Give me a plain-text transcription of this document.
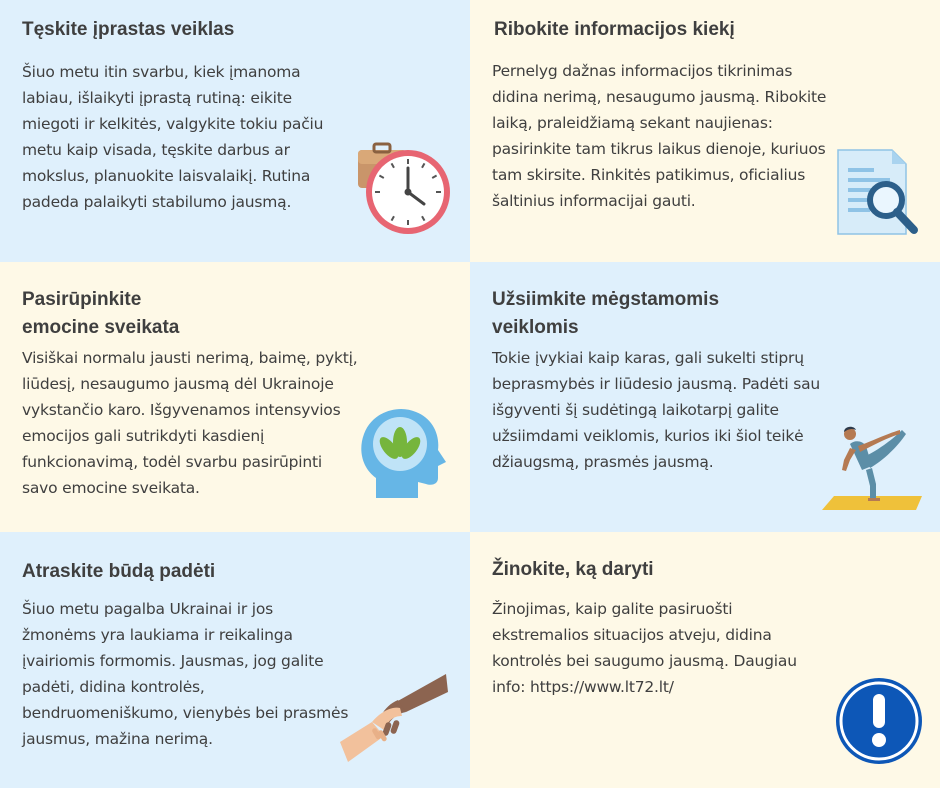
Tęskite įprastas veiklas

Šiuo metu itin svarbu, kiek įmanoma labiau, išlaikyti įprastą rutiną: eikite miegoti ir kelkitės, valgykite tokiu pačiu metu kaip visada, tęskite darbus ar mokslus, planuokite laisvalaikį. Rutina padeda palaikyti stabilumo jausmą.

Ribokite informacijos kiekį

Pernelyg dažnas informacijos tikrinimas didina nerimą, nesaugumo jausmą. Ribokite laiką, praleidžiamą sekant naujienas: pasirinkite tam tikrus laikus dienoje, kuriuos tam skirsite. Rinkitės patikimus, oficialius šaltinius informacijai gauti.

Pasirūpinkite
emocine sveikata

Visiškai normalu jausti nerimą, baimę, pyktį, liūdesį, nesaugumo jausmą dėl Ukrainoje vykstančio karo. Išgyvenamos intensyvios emocijos gali sutrikdyti kasdienį funkcionavimą, todėl svarbu pasirūpinti savo emocine sveikata.

Užsiimkite mėgstamomis
veiklomis

Tokie įvykiai kaip karas, gali sukelti stiprų beprasmybės ir liūdesio jausmą. Padėti sau išgyventi šį sudėtingą laikotarpį galite užsiimdami veiklomis, kurios iki šiol teikė džiaugsmą, prasmės jausmą.

Atraskite būdą padėti

Šiuo metu pagalba Ukrainai ir jos žmonėms yra laukiama ir reikalinga įvairiomis formomis. Jausmas, jog galite padėti, didina kontrolės, bendruomeniškumo, vienybės bei prasmės jausmus, mažina nerimą.

Žinokite, ką daryti

Žinojimas, kaip galite pasiruošti ekstremalios situacijos atveju, didina kontrolės bei saugumo jausmą. Daugiau info: https://www.lt72.lt/
